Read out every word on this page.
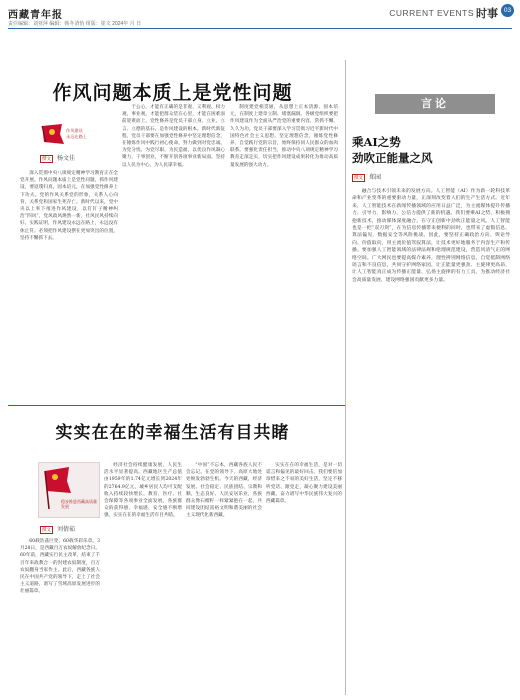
西藏青年报
责任编辑：刘亚萍 编辑：韩冬清怡 组版：崔文 2024年 月 日
CURRENT EVENTS 时事 03
作风问题本质上是党性问题
作风建设
永远在路上
撰文 杨文佳

深入贯彻中央八项规定精神学习教育正在全党开展。作风问题本质上是党性问题，抓作风建设，要返璞归真、固本培元，在加强党性修养上下功夫。党的作风关系党的形象，关系人心向背，关系党和国家生死存亡。新时代以来，党中央以上率下推进作风建设，以钉钉子精神纠治“四风”，党风政风焕然一新，社风民风持续向好。实践证明，作风建设永远在路上，永远没有休止符。必须把作风建设摆在更加突出的位置，坚持不懈抓下去。

于公心，才能有正确的是非观、义利观、权力观、事业观，才能把群众装在心里，才能在困难面前迎难而上。党性修养是党员干部立身、立业、立言、立德的基石，是作风建设的根本。新时代新征程，党员干部要在加强党性修养中坚定理想信念，在锤炼作风中践行初心使命，努力做到对党忠诚、为党分忧、为党尽职、为民造福，以优良作风凝心聚力、干事创业，不断开创各项事业新局面。坚持以人民为中心，为人民谋幸福。

制度建党相贯通，从思想上正本清源、固本培元，在制度上建章立制、堵塞漏洞。各级党组织要把作风建设作为全面从严治党的重要内容，常抓不懈、久久为功。党员干部要深入学习贯彻习近平新时代中国特色社会主义思想，坚定理想信念，锤炼党性修养，自觉践行党的宗旨，始终保持同人民群众的血肉联系。要强化责任担当，推动中央八项规定精神学习教育走深走实，切实把作风建设成果转化为推动高质量发展的强大动力。

实实在在的幸福生活有目共睹
稳步推进西藏高质量发展
撰文 刘倩茹

60载浩荡巨变，60载华彩乐章。3月28日，是西藏百万农奴解放纪念日。60年前，西藏实行民主改革，结束了千百年来政教合一的封建农奴制度，百万农奴翻身当家作主。此后，西藏各族人民在中国共产党的领导下，走上了社会主义道路，谱写了雪域高原发展进步的壮丽篇章。

经济社会持续健康发展，人民生活水平显著提高。西藏地区生产总值由1959年的1.74亿元增长到2024年的2764.9亿元，城乡居民人均可支配收入持续较快增长。教育、医疗、社会保障等各项事业全面发展，各族群众的获得感、幸福感、安全感不断增强，实实在在的幸福生活有目共睹。

“中国”不忘本，西藏各族人民不会忘记。在党的领导下，高原大地处处焕发勃勃生机。今天的西藏，经济发展、社会稳定、民族团结、宗教和顺、生态良好、人民安居乐业，各族群众像石榴籽一样紧紧抱在一起，共同建设团结富裕文明和谐美丽的社会主义现代化新西藏。

实实在在的幸福生活，是对一切谎言和偏见的最好回击。我们要倍加珍惜来之不易的美好生活，坚定不移听党话、跟党走，凝心聚力建设美丽西藏，奋力谱写中华民族伟大复兴的西藏篇章。

言论
乘AI之势
劲吹正能量之风
撰文 郑园

融合与技术引领未来的发展方向。人工智能（AI）作为新一轮科技革命和产业变革的重要驱动力量，正深刻改变着人们的生产生活方式。近年来，人工智能技术在新闻传播领域的应用日益广泛，为主流媒体提升传播力、引导力、影响力、公信力提供了新的机遇。我们要乘AI之势，积极拥抱新技术，推动媒体深度融合，在守正创新中劲吹正能量之风。人工智能也是一把“双刃剑”，在为信息传播带来便利的同时，也带来了虚假信息、算法偏见、数据安全等风险挑战。因此，要坚持正确政治方向、舆论导向、价值取向，用主流价值驾驭算法，让技术更好地服务于内容生产和传播。要加强人工智能领域的法律法规和伦理规范建设，营造风清气正的网络空间。广大网民也要提高媒介素养，理性辨别网络信息，自觉抵制网络谣言和不良信息，共同守护网络家园，让正能量更强劲、主旋律更高昂，让人工智能真正成为传播正能量、弘扬主旋律的有力工具，为推动经济社会高质量发展、建设网络强国贡献更多力量。
